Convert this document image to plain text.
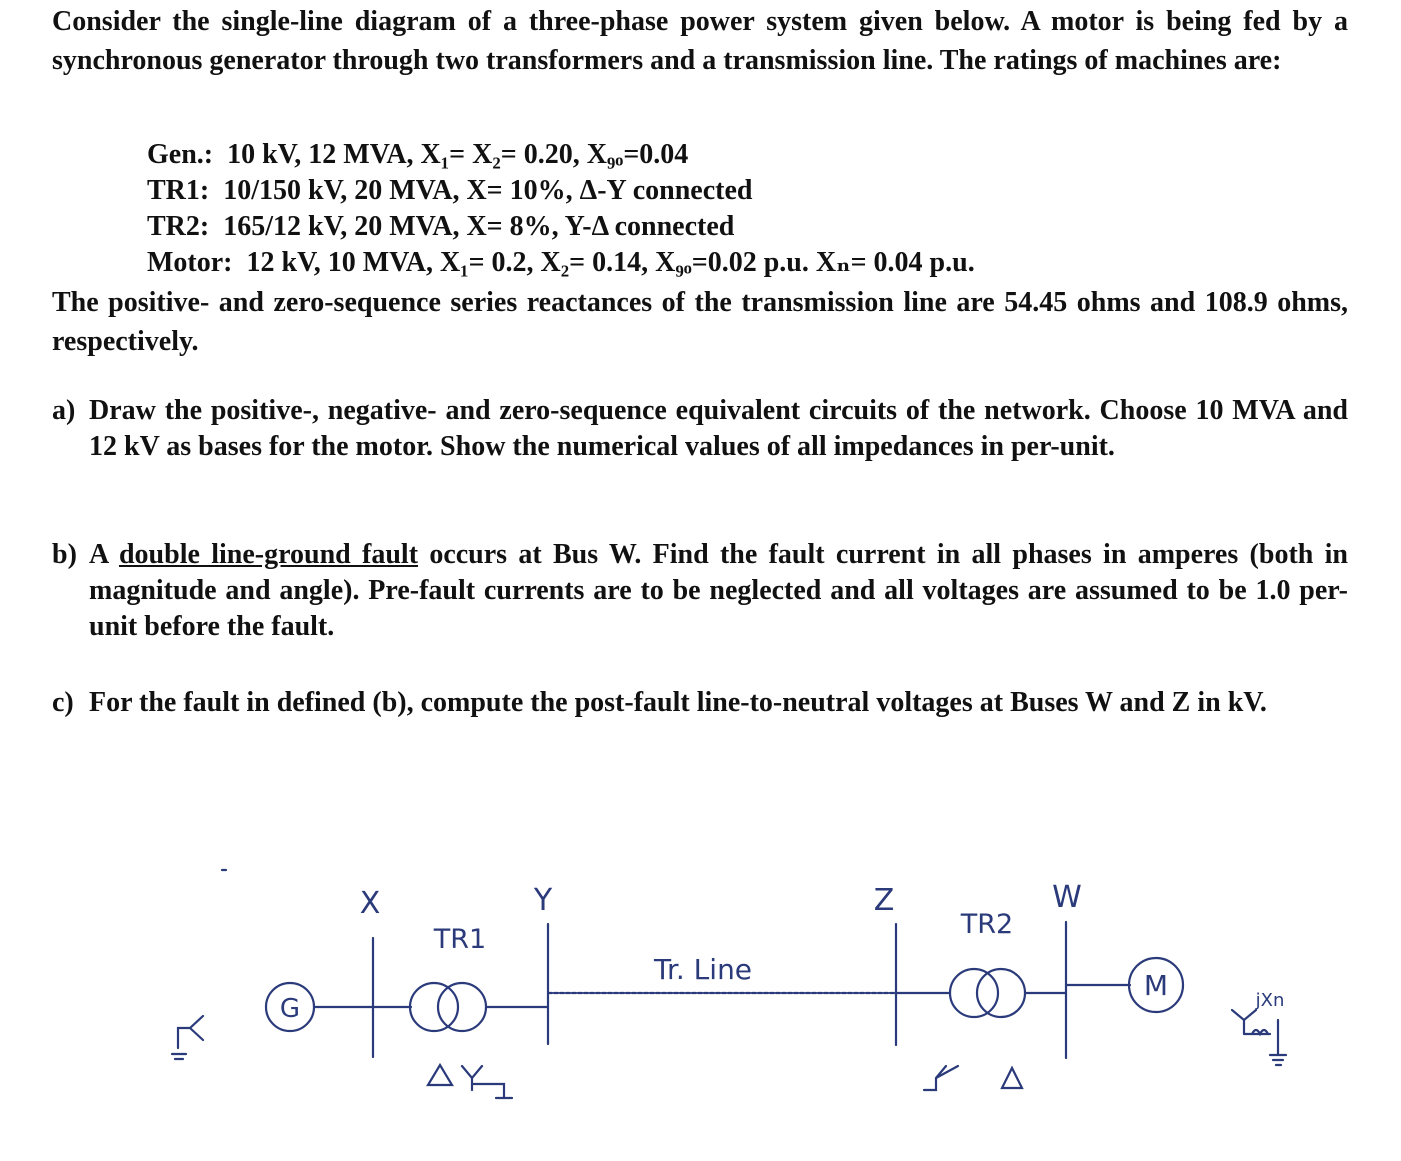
Consider the single-line diagram of a three-phase power system given below. A motor is being fed by a synchronous generator through two transformers and a transmission line. The ratings of machines are:

Gen.: 10 kV, 12 MVA, X₁= X₂= 0.20, X₉ₒ=0.04
TR1: 10/150 kV, 20 MVA, X= 10%, Δ-Y connected
TR2: 165/12 kV, 20 MVA, X= 8%, Y-Δ connected
Motor: 12 kV, 10 MVA, X₁= 0.2, X₂= 0.14, X₉ₒ=0.02 p.u. Xₙ= 0.04 p.u.

The positive- and zero-sequence series reactances of the transmission line are 54.45 ohms and 108.9 ohms, respectively.

a) Draw the positive-, negative- and zero-sequence equivalent circuits of the network. Choose 10 MVA and 12 kV as bases for the motor. Show the numerical values of all impedances in per-unit.
b) A double line-ground fault occurs at Bus W. Find the fault current in all phases in amperes (both in magnitude and angle). Pre-fault currents are to be neglected and all voltages are assumed to be 1.0 per-unit before the fault.
c) For the fault in defined (b), compute the post-fault line-to-neutral voltages at Buses W and Z in kV.
X	Y	Z	W
TR1	TR2
Tr. Line
G
M	jXn
